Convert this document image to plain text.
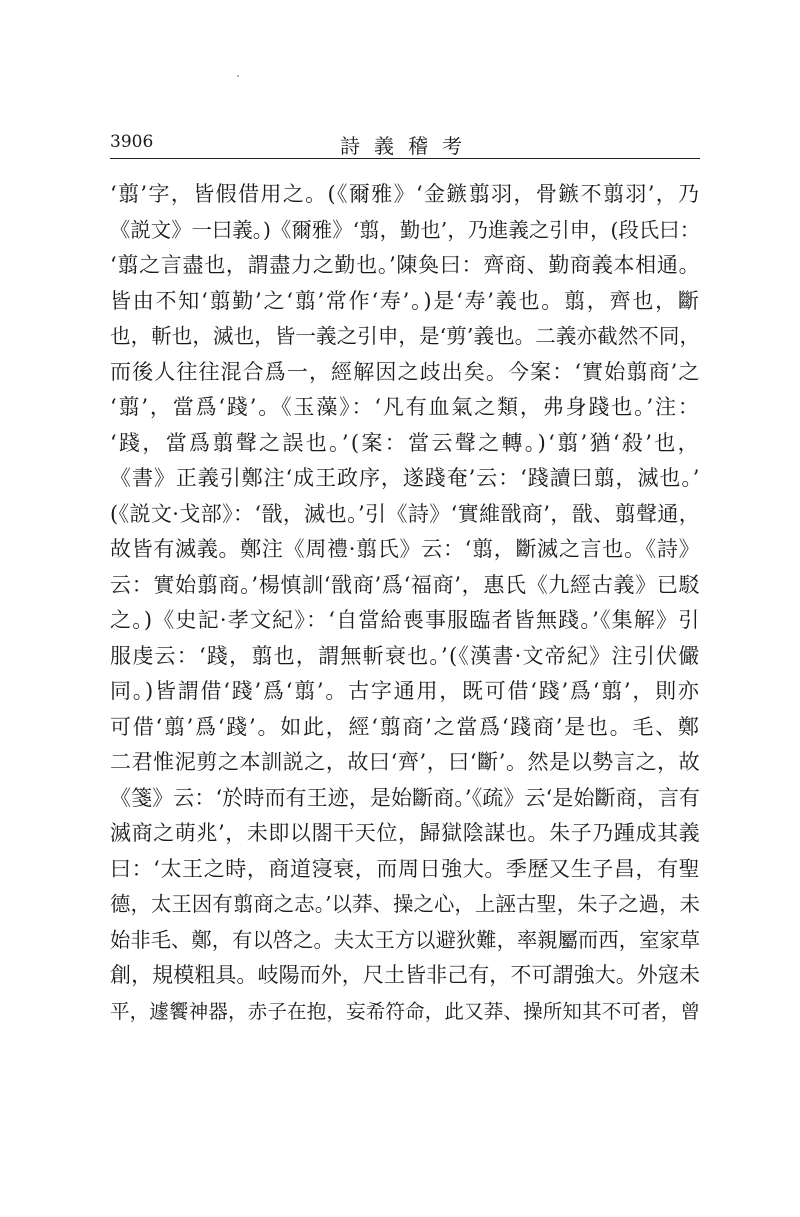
3906	詩義稽考
‘翦’字，皆假借用之。(《爾雅》‘金鏃翦羽，骨鏃不翦羽’，乃
《説文》一曰義。)《爾雅》‘翦，勤也’，乃進義之引申，(段氏曰：
‘翦之言盡也，謂盡力之勤也。’陳奐曰：齊商、勤商義本相通。
皆由不知‘翦勤’之‘翦’常作‘寿’。)是‘寿’義也。翦，齊也，斷
也，斬也，滅也，皆一義之引申，是‘剪’義也。二義亦截然不同，
而後人往往混合爲一，經解因之歧出矣。今案：‘實始翦商’之
‘翦’，當爲‘踐’。《玉藻》：‘凡有血氣之類，弗身踐也。’注：
‘踐，當爲翦聲之誤也。’(案：當云聲之轉。)‘翦’猶‘殺’也，
《書》正義引鄭注‘成王政序，遂踐奄’云：‘踐讀曰翦，滅也。’
(《説文·戈部》：‘戩，滅也。’引《詩》‘實維戩商’，戩、翦聲通，
故皆有滅義。鄭注《周禮·翦氏》云：‘翦，斷滅之言也。《詩》
云：實始翦商。’楊慎訓‘戩商’爲‘福商’，惠氏《九經古義》已駁
之。)《史記·孝文紀》：‘自當給喪事服臨者皆無踐。’《集解》引
服虔云：‘踐，翦也，謂無斬衰也。’(《漢書·文帝紀》注引伏儼
同。)皆謂借‘踐’爲‘翦’。古字通用，既可借‘踐’爲‘翦’，則亦
可借‘翦’爲‘踐’。如此，經‘翦商’之當爲‘踐商’是也。毛、鄭
二君惟泥剪之本訓説之，故曰‘齊’，曰‘斷’。然是以勢言之，故
《箋》云：‘於時而有王迹，是始斷商。’《疏》云‘是始斷商，言有
滅商之萌兆’，未即以閤干天位，歸獄陰謀也。朱子乃踵成其義
曰：‘太王之時，商道寖衰，而周日強大。季歷又生子昌，有聖
德，太王因有翦商之志。’以莽、操之心，上誣古聖，朱子之過，未
始非毛、鄭，有以啓之。夫太王方以避狄難，率親屬而西，室家草
創，規模粗具。岐陽而外，尺土皆非己有，不可謂強大。外寇未
平，遽饗神器，赤子在抱，妄希符命，此又莽、操所知其不可者，曾
